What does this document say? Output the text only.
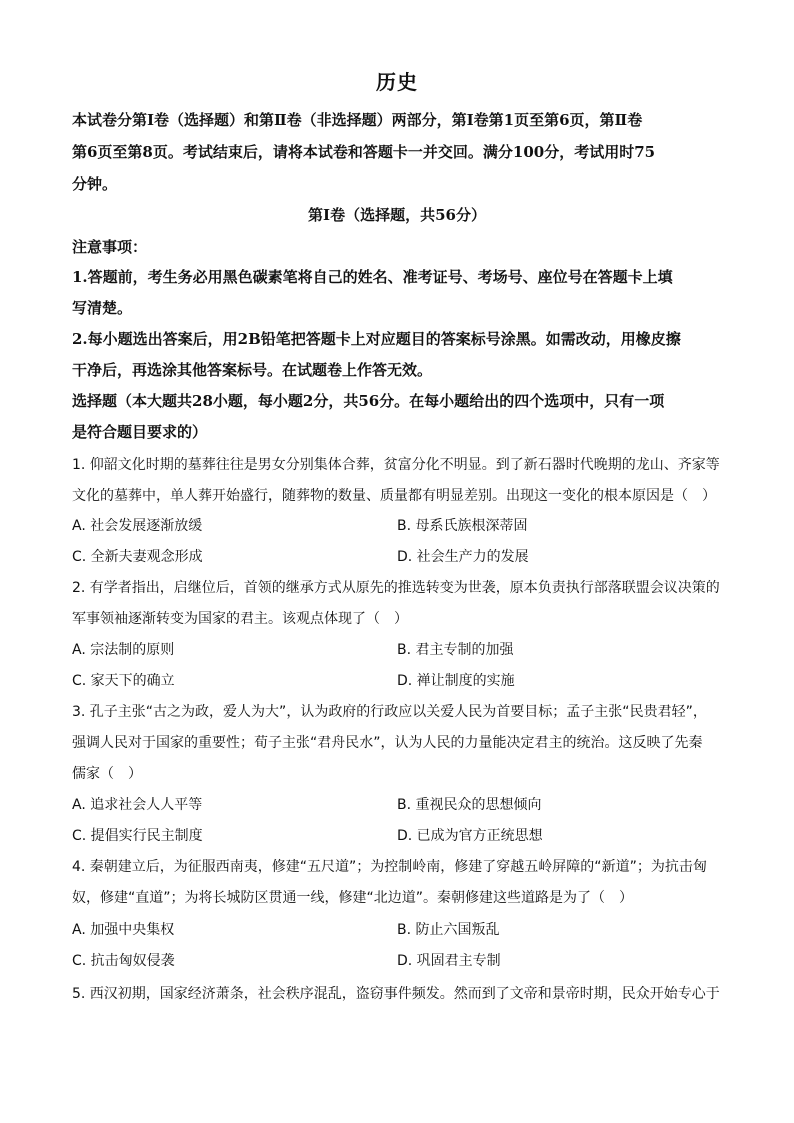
历史
本试卷分第Ⅰ卷（选择题）和第Ⅱ卷（非选择题）两部分，第Ⅰ卷第1页至第6页，第Ⅱ卷
第6页至第8页。考试结束后，请将本试卷和答题卡一并交回。满分100分，考试用时75
分钟。
第Ⅰ卷（选择题，共56分）
注意事项：
1.答题前，考生务必用黑色碳素笔将自己的姓名、准考证号、考场号、座位号在答题卡上填
写清楚。
2.每小题选出答案后，用2B铅笔把答题卡上对应题目的答案标号涂黑。如需改动，用橡皮擦
干净后，再选涂其他答案标号。在试题卷上作答无效。
选择题（本大题共28小题，每小题2分，共56分。在每小题给出的四个选项中，只有一项
是符合题目要求的）
1. 仰韶文化时期的墓葬往往是男女分别集体合葬，贫富分化不明显。到了新石器时代晚期的龙山、齐家等
文化的墓葬中，单人葬开始盛行，随葬物的数量、质量都有明显差别。出现这一变化的根本原因是（　）
A. 社会发展逐渐放缓	B. 母系氏族根深蒂固
C. 全新夫妻观念形成	D. 社会生产力的发展
2. 有学者指出，启继位后，首领的继承方式从原先的推选转变为世袭，原本负责执行部落联盟会议决策的
军事领袖逐渐转变为国家的君主。该观点体现了（　）
A. 宗法制的原则	B. 君主专制的加强
C. 家天下的确立	D. 禅让制度的实施
3. 孔子主张“古之为政，爱人为大”，认为政府的行政应以关爱人民为首要目标；孟子主张“民贵君轻”，
强调人民对于国家的重要性；荀子主张“君舟民水”，认为人民的力量能决定君主的统治。这反映了先秦
儒家（　）
A. 追求社会人人平等	B. 重视民众的思想倾向
C. 提倡实行民主制度	D. 已成为官方正统思想
4. 秦朝建立后，为征服西南夷，修建“五尺道”；为控制岭南，修建了穿越五岭屏障的“新道”；为抗击匈
奴，修建“直道”；为将长城防区贯通一线，修建“北边道”。秦朝修建这些道路是为了（　）
A. 加强中央集权	B. 防止六国叛乱
C. 抗击匈奴侵袭	D. 巩固君主专制
5. 西汉初期，国家经济萧条，社会秩序混乱，盗窃事件频发。然而到了文帝和景帝时期，民众开始专心于
